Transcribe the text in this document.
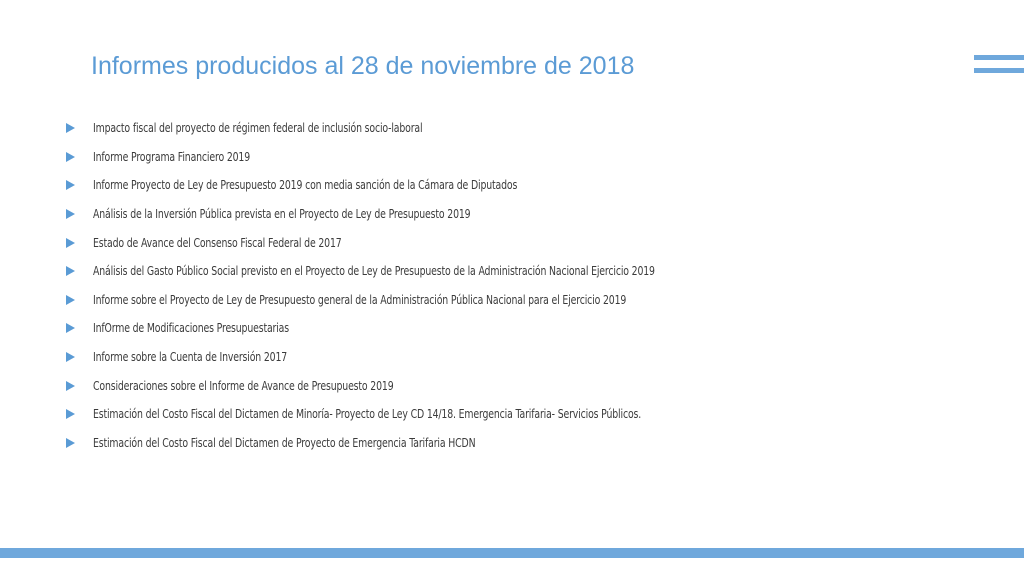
Informes producidos al 28 de noviembre de 2018
Impacto fiscal del proyecto de régimen federal de inclusión socio-laboral
Informe Programa Financiero 2019
Informe Proyecto de Ley de Presupuesto 2019 con media sanción de la Cámara de Diputados
Análisis de la Inversión Pública prevista en el Proyecto de Ley de Presupuesto 2019
Estado de Avance del Consenso Fiscal Federal de 2017
Análisis del Gasto Público Social previsto en el Proyecto de Ley de Presupuesto de la Administración Nacional Ejercicio 2019
Informe sobre el Proyecto de Ley de Presupuesto general de la Administración Pública Nacional para el Ejercicio 2019
InfOrme de Modificaciones Presupuestarias
Informe sobre la Cuenta de Inversión 2017
Consideraciones sobre el Informe de Avance de Presupuesto 2019
Estimación del Costo Fiscal del Dictamen de Minoría- Proyecto de Ley CD 14/18. Emergencia Tarifaria- Servicios Públicos.
Estimación del Costo Fiscal del Dictamen de Proyecto de Emergencia Tarifaria HCDN
